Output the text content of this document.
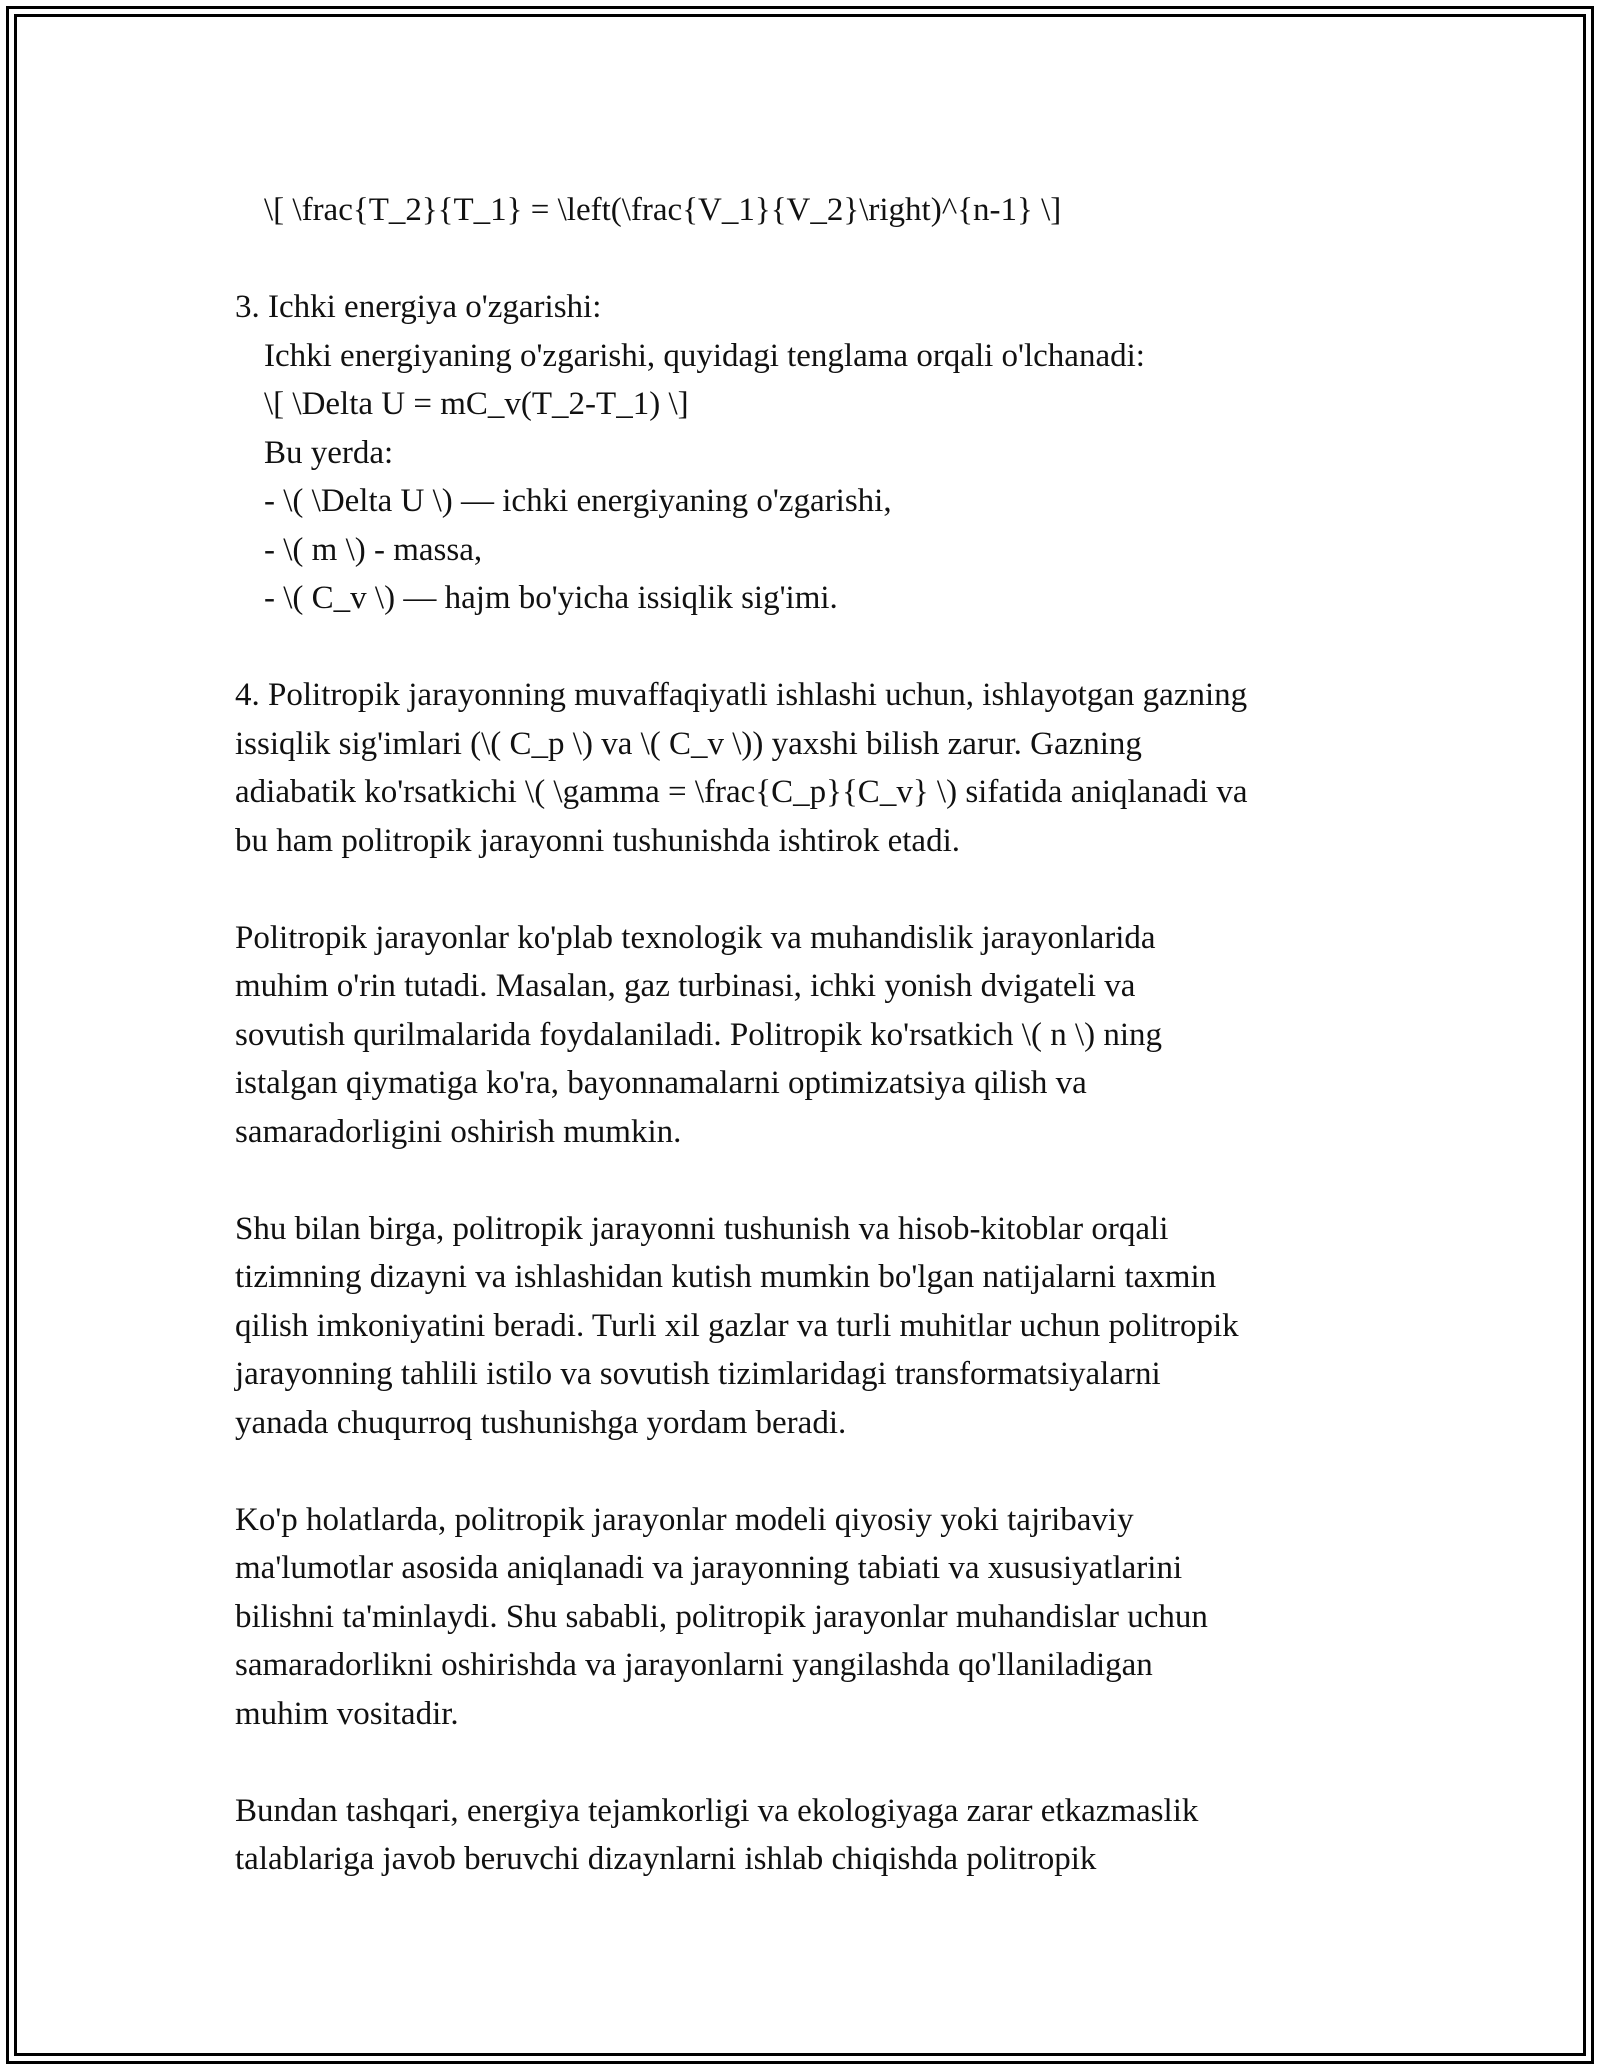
\[ \frac{T_2}{T_1} = \left(\frac{V_1}{V_2}\right)^{n-1} \]
3. Ichki energiya o'zgarishi:
Ichki energiyaning o'zgarishi, quyidagi tenglama orqali o'lchanadi:
\[ \Delta U = mC_v(T_2-T_1) \]
Bu yerda:
- \( \Delta U \) — ichki energiyaning o'zgarishi,
- \( m \) - massa,
- \( C_v \) — hajm bo'yicha issiqlik sig'imi.
4. Politropik jarayonning muvaffaqiyatli ishlashi uchun, ishlayotgan gazning
issiqlik sig'imlari (\( C_p \) va \( C_v \)) yaxshi bilish zarur. Gazning
adiabatik ko'rsatkichi \( \gamma = \frac{C_p}{C_v} \) sifatida aniqlanadi va
bu ham politropik jarayonni tushunishda ishtirok etadi.
Politropik jarayonlar ko'plab texnologik va muhandislik jarayonlarida
muhim o'rin tutadi. Masalan, gaz turbinasi, ichki yonish dvigateli va
sovutish qurilmalarida foydalaniladi. Politropik ko'rsatkich \( n \) ning
istalgan qiymatiga ko'ra, bayonnamalarni optimizatsiya qilish va
samaradorligini oshirish mumkin.
Shu bilan birga, politropik jarayonni tushunish va hisob-kitoblar orqali
tizimning dizayni va ishlashidan kutish mumkin bo'lgan natijalarni taxmin
qilish imkoniyatini beradi. Turli xil gazlar va turli muhitlar uchun politropik
jarayonning tahlili istilo va sovutish tizimlaridagi transformatsiyalarni
yanada chuqurroq tushunishga yordam beradi.
Ko'p holatlarda, politropik jarayonlar modeli qiyosiy yoki tajribaviy
ma'lumotlar asosida aniqlanadi va jarayonning tabiati va xususiyatlarini
bilishni ta'minlaydi. Shu sababli, politropik jarayonlar muhandislar uchun
samaradorlikni oshirishda va jarayonlarni yangilashda qo'llaniladigan
muhim vositadir.
Bundan tashqari, energiya tejamkorligi va ekologiyaga zarar etkazmaslik
talablariga javob beruvchi dizaynlarni ishlab chiqishda politropik
